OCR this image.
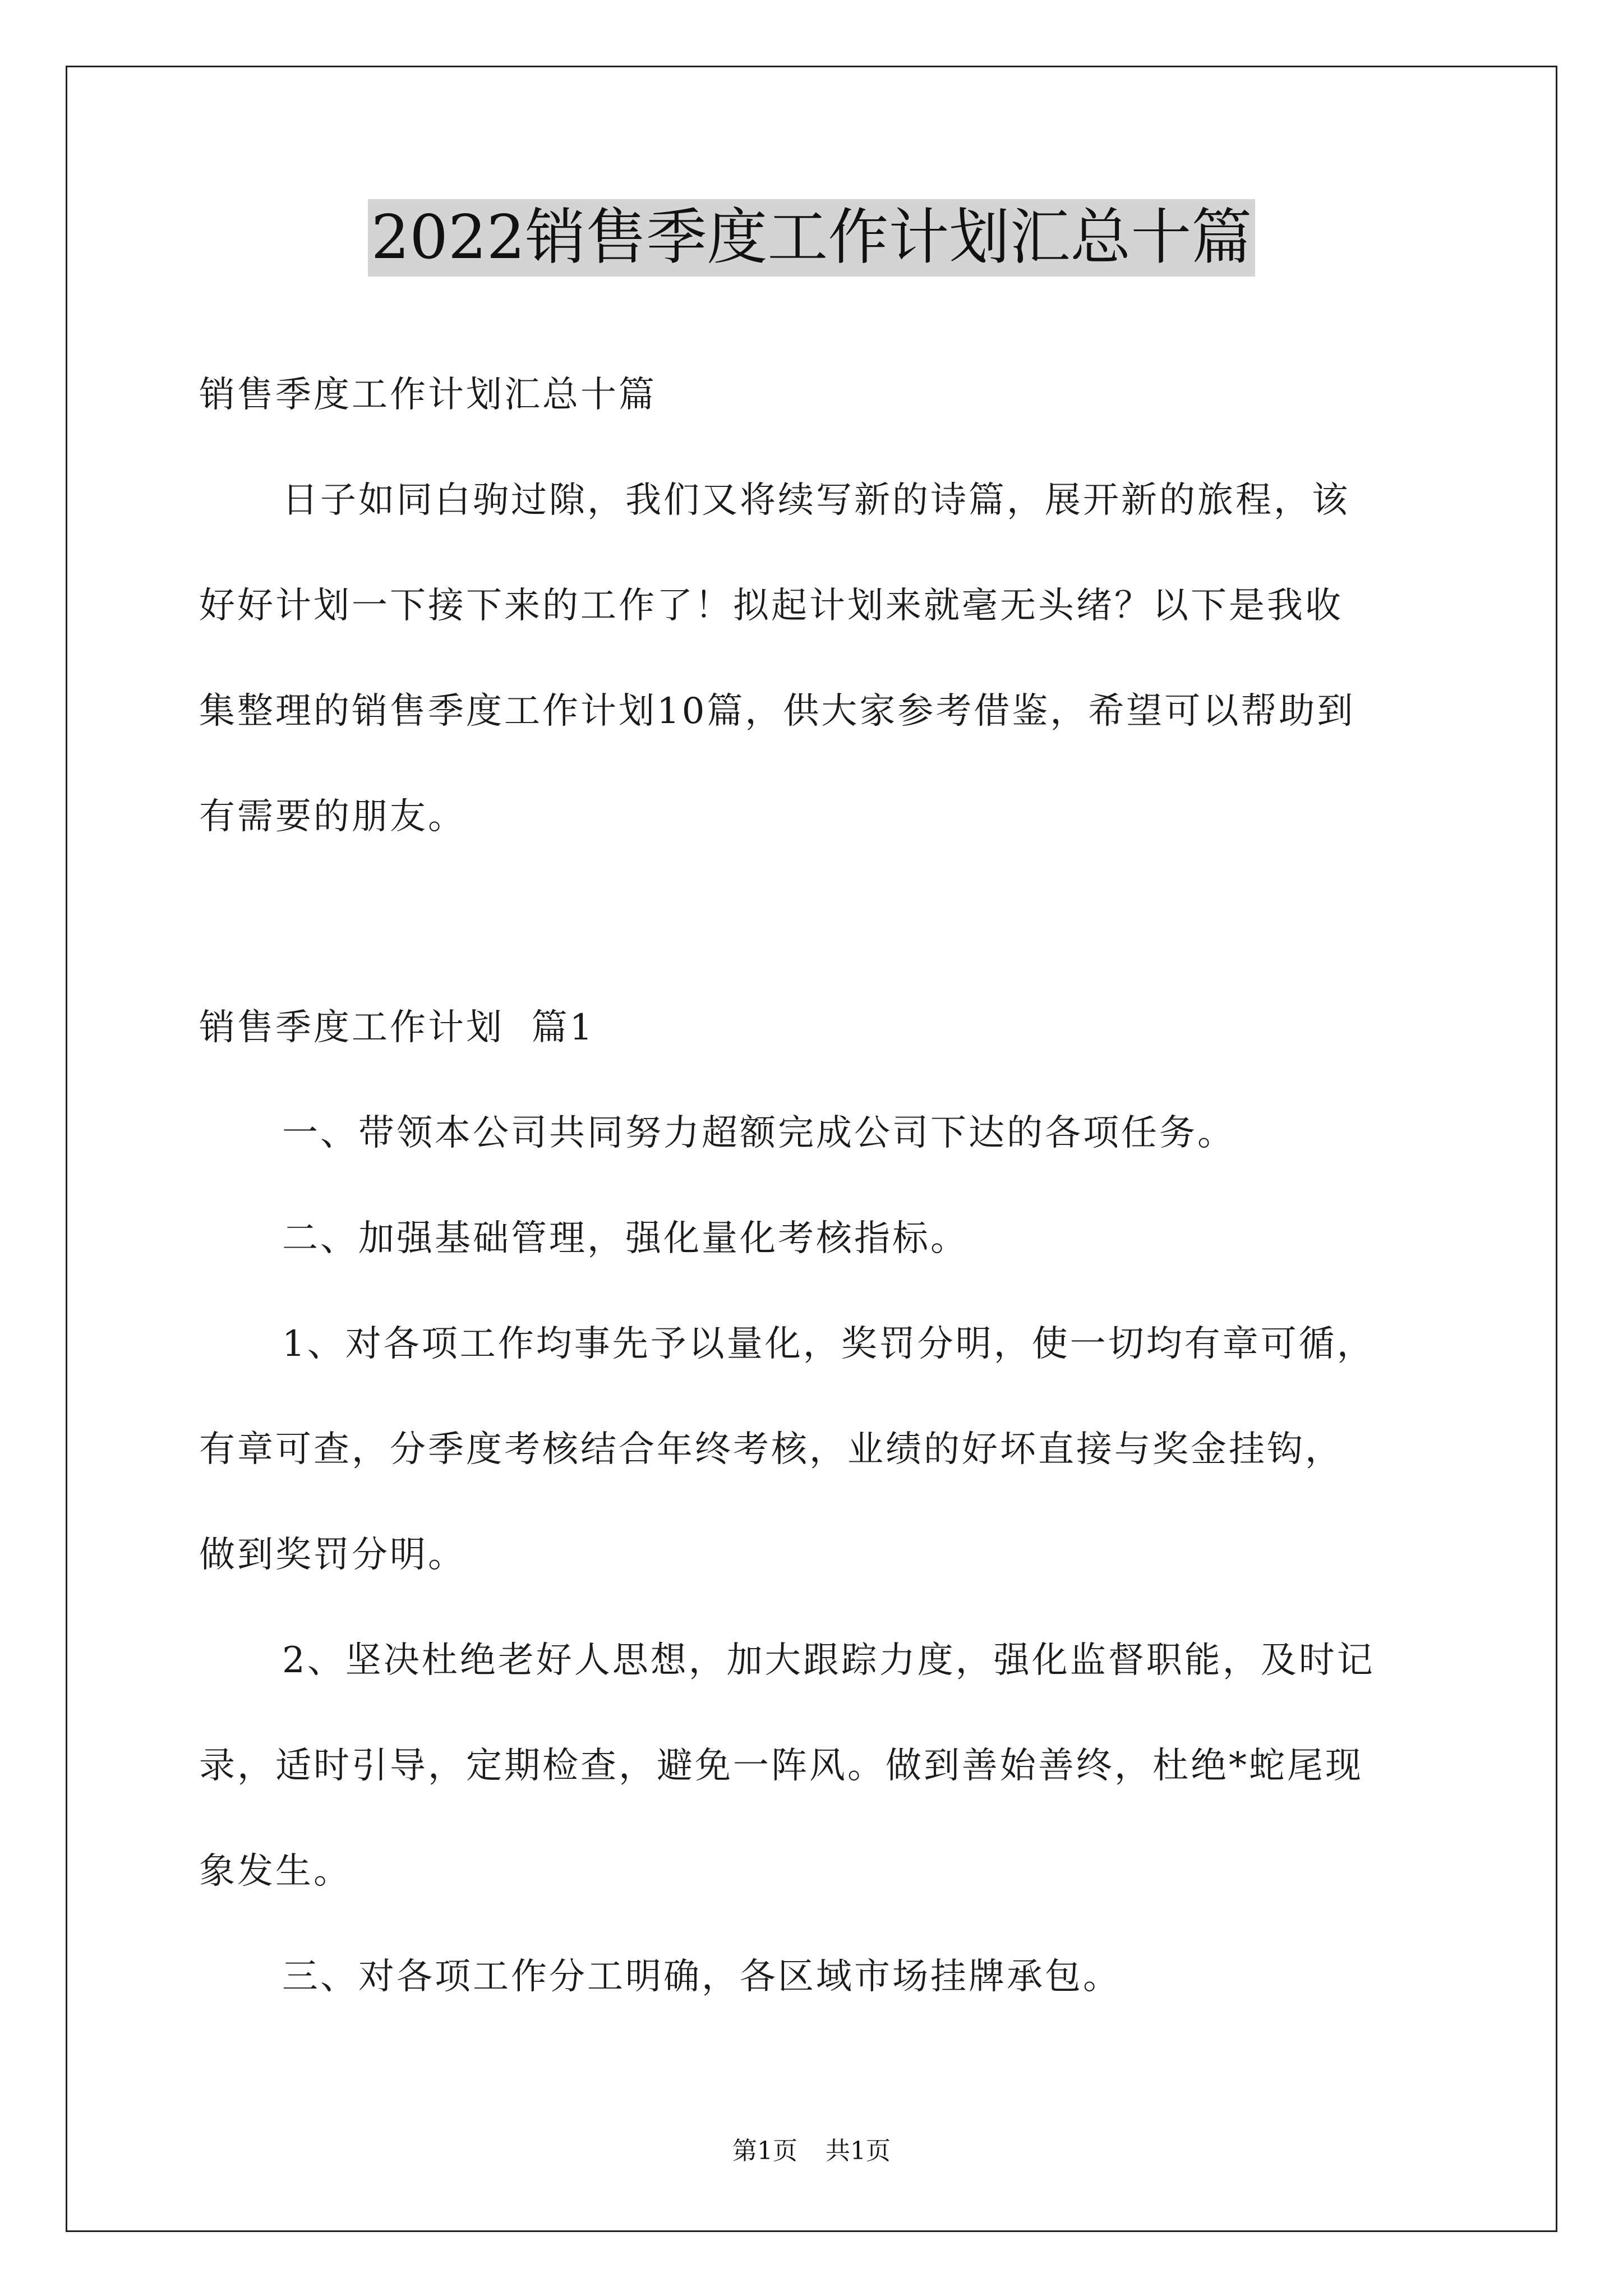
2022销售季度工作计划汇总十篇

销售季度工作计划汇总十篇

日子如同白驹过隙，我们又将续写新的诗篇，展开新的旅程，该

好好计划一下接下来的工作了！拟起计划来就毫无头绪？以下是我收

集整理的销售季度工作计划10篇，供大家参考借鉴，希望可以帮助到

有需要的朋友。

销售季度工作计划  篇1

一、带领本公司共同努力超额完成公司下达的各项任务。

二、加强基础管理，强化量化考核指标。

1、对各项工作均事先予以量化，奖罚分明，使一切均有章可循，

有章可查，分季度考核结合年终考核，业绩的好坏直接与奖金挂钩，

做到奖罚分明。

2、坚决杜绝老好人思想，加大跟踪力度，强化监督职能，及时记

录，适时引导，定期检查，避免一阵风。做到善始善终，杜绝*蛇尾现

象发生。

三、对各项工作分工明确，各区域市场挂牌承包。

第1页 共1页
